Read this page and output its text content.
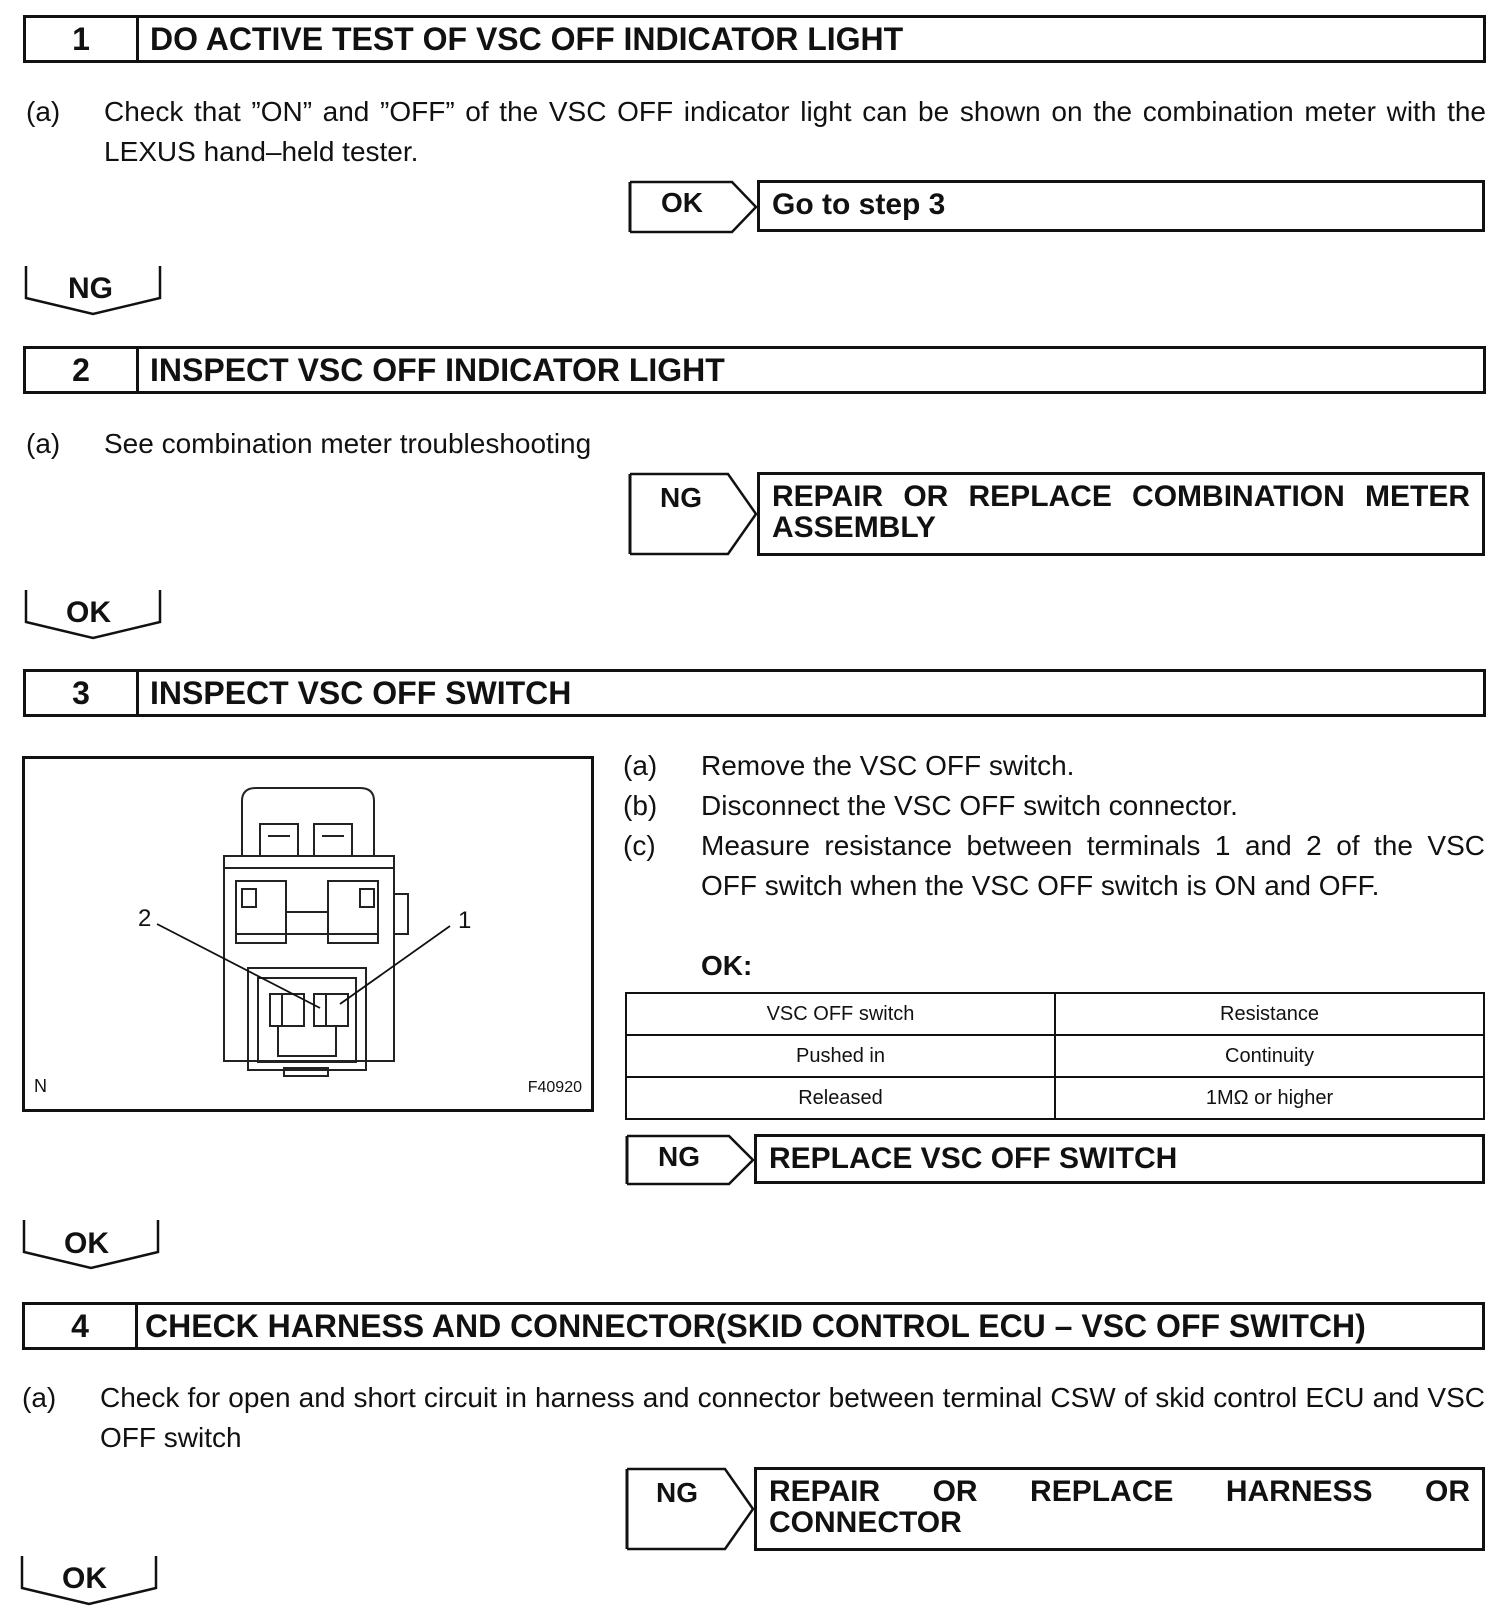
1	DO ACTIVE TEST OF VSC OFF INDICATOR LIGHT
(a) Check that ”ON” and ”OFF” of the VSC OFF indicator light can be shown on the combination meter with the LEXUS hand–held tester.
OK	Go to step 3
NG
2	INSPECT VSC OFF INDICATOR LIGHT
(a) See combination meter troubleshooting
NG REPAIR OR REPLACE COMBINATION METER
ASSEMBLY
OK
3	INSPECT VSC OFF SWITCH
2	1
N	F40920
(a) Remove the VSC OFF switch.
(b) Disconnect the VSC OFF switch connector.
(c) Measure resistance between terminals 1 and 2 of the VSC OFF switch when the VSC OFF switch is ON and OFF.
OK:
VSC OFF switch	Resistance
Pushed in	Continuity
Released	1MΩ or higher
NG	REPLACE VSC OFF SWITCH
OK
4	CHECK HARNESS AND CONNECTOR(SKID CONTROL ECU – VSC OFF SWITCH)
(a) Check for open and short circuit in harness and connector between terminal CSW of skid control ECU and VSC OFF switch
NG REPAIR OR REPLACE HARNESS OR
CONNECTOR
OK
